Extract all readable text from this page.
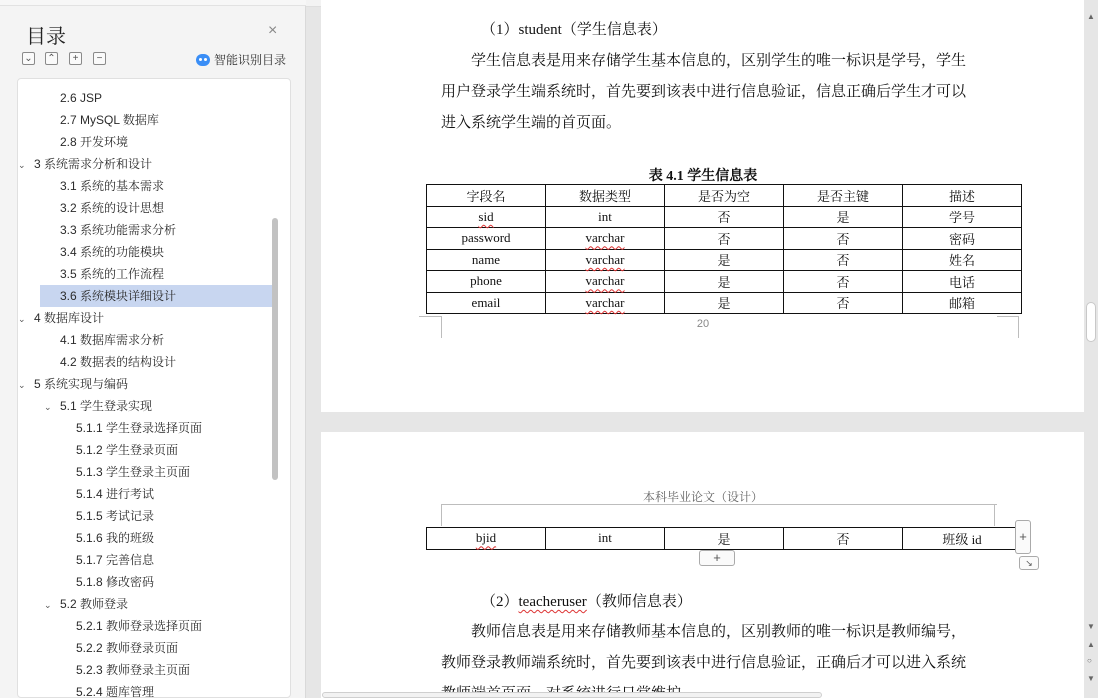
目录	×
⌄ ⌃	+	−	智能识别目录
2.6 JSP
2.7 MySQL 数据库
2.8 开发环境
⌄ 3 系统需求分析和设计
3.1 系统的基本需求
3.2 系统的设计思想
3.3 系统功能需求分析
3.4 系统的功能模块
3.5 系统的工作流程
3.6 系统模块详细设计
⌄ 4 数据库设计
4.1 数据库需求分析
4.2 数据表的结构设计
⌄ 5 系统实现与编码
⌄ 5.1 学生登录实现
5.1.1 学生登录选择页面
5.1.2 学生登录页面
5.1.3 学生登录主页面
5.1.4 进行考试
5.1.5 考试记录
5.1.6 我的班级
5.1.7 完善信息
5.1.8 修改密码
⌄ 5.2 教师登录
5.2.1 教师登录选择页面
5.2.2 教师登录页面
5.2.3 教师登录主页面
5.2.4 题库管理
（1）student（学生信息表）
学生信息表是用来存储学生基本信息的，区别学生的唯一标识是学号，学生
用户登录学生端系统时，首先要到该表中进行信息验证，信息正确后学生才可以
进入系统学生端的首页面。
表 4.1 学生信息表
字段名	数据类型	是否为空	是否主键	描述
sid	int	否	是	学号
password	varchar	否	否	密码
name	varchar	是	否	姓名
phone	varchar	是	否	电话
email	varchar	是	否	邮箱
20
本科毕业论文（设计）
bjid	int	是	否	班级 id	+
+	↘
（2）teacheruser（教师信息表）
教师信息表是用来存储教师基本信息的，区别教师的唯一标识是教师编号，
教师登录教师端系统时，首先要到该表中进行信息验证，正确后才可以进入系统
▲
▼
▲
○
▼
